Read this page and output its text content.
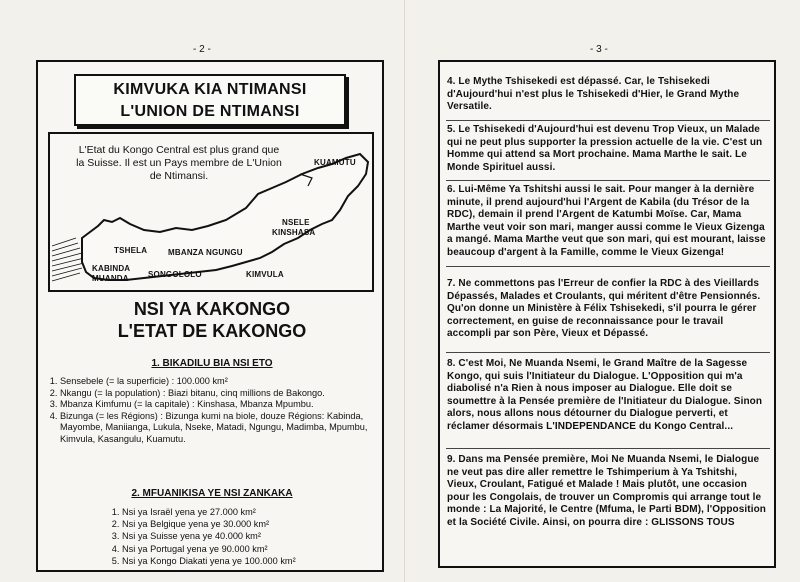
- 2 -	- 3 -
KIMVUKA KIA NTIMANSI
L'UNION DE NTIMANSI
L'Etat du Kongo Central est plus grand que la Suisse. Il est un Pays membre de L'Union de Ntimansi.
KUAMUTU
NSELE
KINSHASA
TSHELA	MBANZA NGUNGU
KABINDA
MUANDA SONGOLOLO	KIMVULA
NSI YA KAKONGO
L'ETAT DE KAKONGO
1. BIKADILU BIA NSI ETO
1. Sensebele (= la superficie) : 100.000 km²
2. Nkangu (= la population) : Biazi bitanu, cinq millions de Bakongo.
3. Mbanza Kimfumu (= la capitale) : Kinshasa, Mbanza Mpumbu.
4. Bizunga (= les Régions) : Bizunga kumi na biole, douze Régions: Kabinda, Mayombe, Maniianga, Lukula, Nseke, Matadi, Ngungu, Madimba, Mpumbu, Kimvula, Kasangulu, Kuamutu.
2. MFUANIKISA YE NSI ZANKAKA
1. Nsi ya Israël yena ye 27.000 km²
2. Nsi ya Belgique yena ye 30.000 km²
3. Nsi ya Suisse yena ye 40.000 km²
4. Nsi ya Portugal yena ye 90.000 km²
5. Nsi ya Kongo Diakati yena ye 100.000 km²
4. Le Mythe Tshisekedi est dépassé. Car, le Tshisekedi d'Aujourd'hui n'est plus le Tshisekedi d'Hier, le Grand Mythe Versatile.
5. Le Tshisekedi d'Aujourd'hui est devenu Trop Vieux, un Malade qui ne peut plus supporter la pression actuelle de la vie. C'est un Homme qui attend sa Mort prochaine. Mama Marthe le sait. Le Monde Spirituel aussi.
6. Lui-Même Ya Tshitshi aussi le sait. Pour manger à la dernière minute, il prend aujourd'hui l'Argent de Kabila (du Trésor de la RDC), demain il prend l'Argent de Katumbi Moïse. Car, Mama Marthe veut voir son mari, manger aussi comme le Vieux Gizenga a mangé. Mama Marthe veut que son mari, qui est mourant, laisse beaucoup d'argent à la Famille, comme le Vieux Gizenga!
7. Ne commettons pas l'Erreur de confier la RDC à des Vieillards Dépassés, Malades et Croulants, qui méritent d'être Pensionnés. Qu'on donne un Ministère à Félix Tshisekedi, s'il pourra le gérer correctement, en guise de reconnaissance pour le travail accompli par son Père, Vieux et Dépassé.
8. C'est Moi, Ne Muanda Nsemi, le Grand Maître de la Sagesse Kongo, qui suis l'Initiateur du Dialogue. L'Opposition qui m'a diabolisé n'a Rien à nous imposer au Dialogue. Elle doit se soumettre à la Pensée première de l'Initiateur du Dialogue. Sinon alors, nous allons nous détourner du Dialogue perverti, et réclamer désormais L'INDEPENDANCE du Kongo Central...
9. Dans ma Pensée première, Moi Ne Muanda Nsemi, le Dialogue ne veut pas dire aller remettre le Tshimperium à Ya Tshitshi, Vieux, Croulant, Fatigué et Malade ! Mais plutôt, une occasion pour les Congolais, de trouver un Compromis qui arrange tout le monde : La Majorité, le Centre (Mfuma, le Parti BDM), l'Opposition et la Société Civile. Ainsi, on pourra dire : GLISSONS TOUS
